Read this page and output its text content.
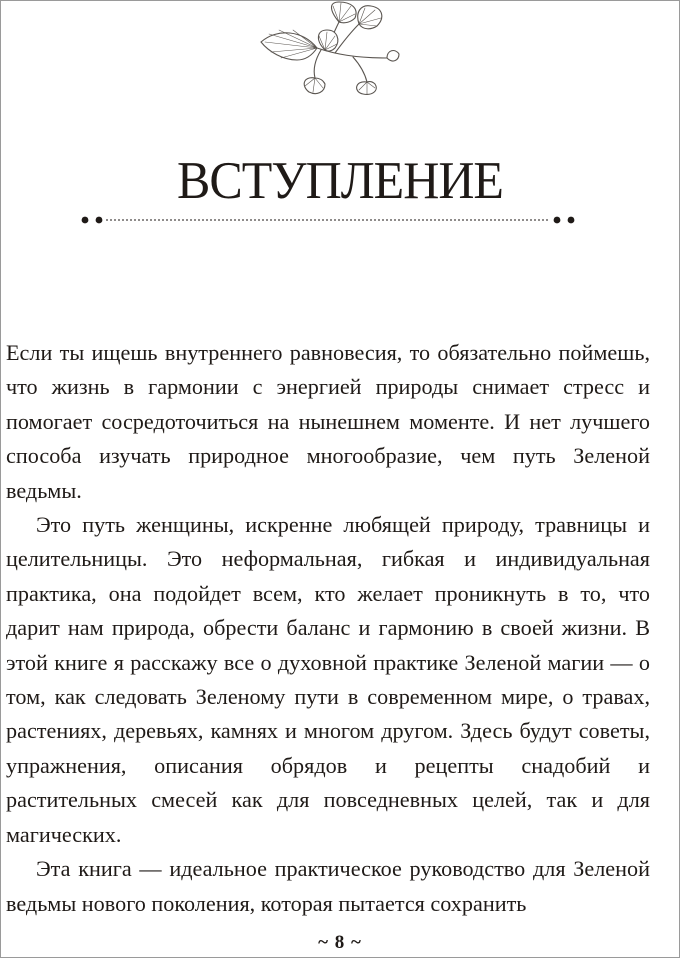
ВСТУПЛЕНИЕ

Если ты ищешь внутреннего равновесия, то обязательно поймешь, что жизнь в гармонии с энергией природы снимает стресс и помогает сосредоточиться на нынешнем моменте. И нет лучшего способа изучать природное многообразие, чем путь Зеленой ведьмы.

Это путь женщины, искренне любящей природу, травницы и целительницы. Это неформальная, гибкая и индивидуальная практика, она подойдет всем, кто желает проникнуть в то, что дарит нам природа, обрести баланс и гармонию в своей жизни. В этой книге я расскажу все о духовной практике Зеленой магии — о том, как следовать Зеленому пути в современном мире, о травах, растениях, деревьях, камнях и многом другом. Здесь будут советы, упражнения, описания обрядов и рецепты снадобий и растительных смесей как для повседневных целей, так и для магических.

Эта книга — идеальное практическое руководство для Зеленой ведьмы нового поколения, которая пытается сохранить

~ 8 ~
